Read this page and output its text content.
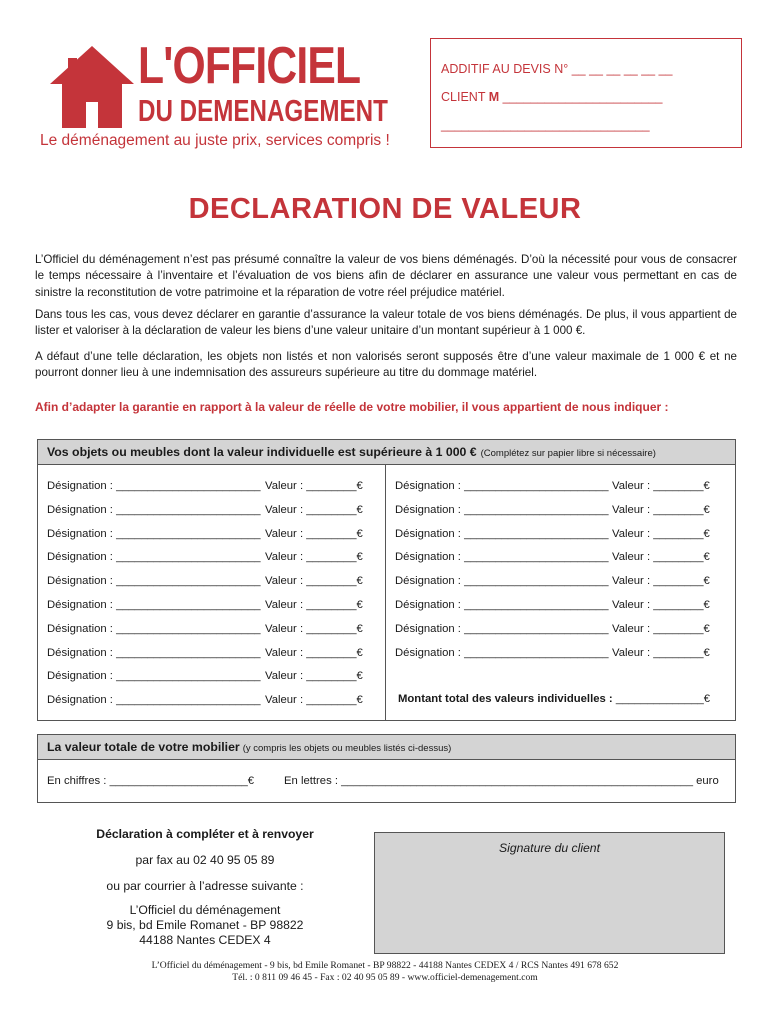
L'OFFICIEL
DU DEMENAGEMENT
Le déménagement au juste prix, services compris !
ADDITIF AU DEVIS N° __ __ __ __ __ __
CLIENT M _______________________
______________________________
DECLARATION DE VALEUR
L’Officiel du déménagement n’est pas présumé connaître la valeur de vos biens déménagés. D’où la nécessité pour vous de consacrer le temps nécessaire à l’inventaire et l’évaluation de vos biens afin de déclarer en assurance une valeur vous permettant en cas de sinistre la reconstitution de votre patrimoine et la réparation de votre réel préjudice matériel.
Dans tous les cas, vous devez déclarer en garantie d’assurance la valeur totale de vos biens déménagés. De plus, il vous appartient de lister et valoriser à la déclaration de valeur les biens d’une valeur unitaire d’un montant supérieur à 1 000 €.
A défaut d’une telle déclaration, les objets non listés et non valorisés seront supposés être d’une valeur maximale de 1 000 € et ne pourront donner lieu à une indemnisation des assureurs supérieure au titre du dommage matériel.
Afin d’adapter la garantie en rapport à la valeur de réelle de votre mobilier, il vous appartient de nous indiquer :
Vos objets ou meubles dont la valeur individuelle est supérieure à 1 000 € (Complétez sur papier libre si nécessaire)
Désignation : _______________________ Valeur : ________€
Désignation : _______________________ Valeur : ________€
Désignation : _______________________ Valeur : ________€
Désignation : _______________________ Valeur : ________€
Désignation : _______________________ Valeur : ________€
Désignation : _______________________ Valeur : ________€
Désignation : _______________________ Valeur : ________€
Désignation : _______________________ Valeur : ________€
Désignation : _______________________ Valeur : ________€
Désignation : _______________________ Valeur : ________€
Désignation : _______________________ Valeur : ________€
Désignation : _______________________ Valeur : ________€
Désignation : _______________________ Valeur : ________€
Désignation : _______________________ Valeur : ________€
Désignation : _______________________ Valeur : ________€
Désignation : _______________________ Valeur : ________€
Désignation : _______________________ Valeur : ________€
Désignation : _______________________ Valeur : ________€
Montant total des valeurs individuelles : ______________€
La valeur totale de votre mobilier (y compris les objets ou meubles listés ci-dessus)
En chiffres : ______________________€	En lettres : ________________________________________________________ euro
Déclaration à compléter et à renvoyer
par fax au 02 40 95 05 89
ou par courrier à l’adresse suivante :
L’Officiel du déménagement
9 bis, bd Emile Romanet - BP 98822
44188 Nantes CEDEX 4
Signature du client
L’Officiel du déménagement - 9 bis, bd Emile Romanet - BP 98822 - 44188 Nantes CEDEX 4 / RCS Nantes 491 678 652
Tél. : 0 811 09 46 45 - Fax : 02 40 95 05 89 - www.officiel-demenagement.com
